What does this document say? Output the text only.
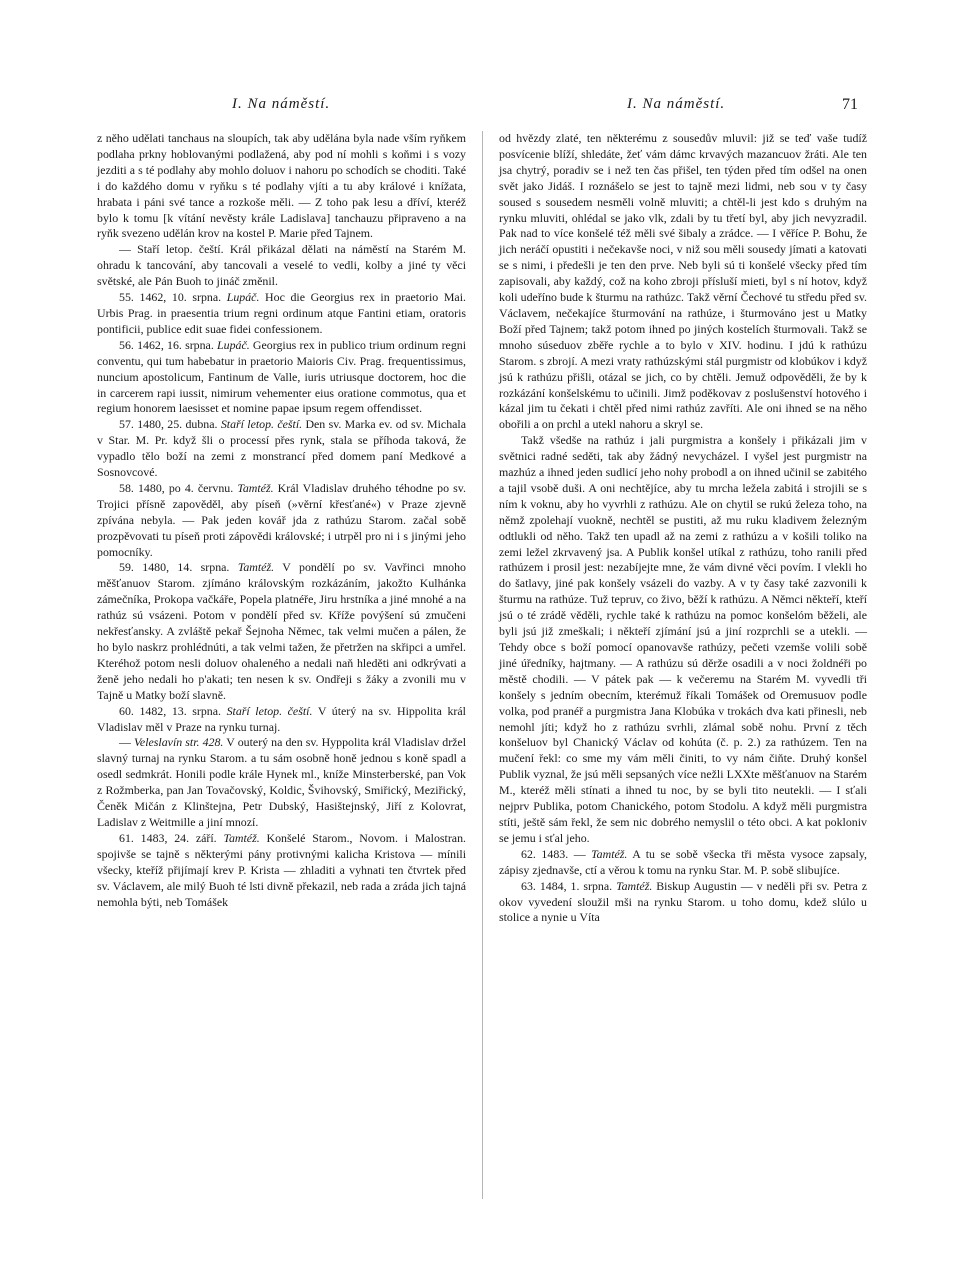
I. Na náměstí.	I. Na náměstí.	71

z něho udělati tanchaus na sloupích, tak aby udělána byla nade vším ryňkem podlaha prkny hoblovanými podlažená, aby pod ní mohli s koňmi i s vozy jezditi a s té podlahy aby mohlo doluov i nahoru po schodích se choditi. Také i do každého domu v ryňku s té podlahy vjíti a tu aby králové i knížata, hrabata i páni své tance a rozkoše měli. — Z toho pak lesu a dříví, kteréž bylo k tomu [k vítání nevěsty krále Ladislava] tanchauzu připraveno a na ryňk svezeno udělán krov na kostel P. Marie před Tajnem.

— Staří letop. čeští. Král přikázal dělati na náměstí na Starém M. ohradu k tancování, aby tancovali a veselé to vedli, kolby a jiné ty věci světské, ale Pán Buoh to jináč změnil.

55. 1462, 10. srpna. Lupáč. Hoc die Georgius rex in praetorio Mai. Urbis Prag. in praesentia trium regni ordinum atque Fantini etiam, oratoris pontificii, publice edit suae fidei confessionem.

56. 1462, 16. srpna. Lupáč. Georgius rex in publico trium ordinum regni conventu, qui tum habebatur in praetorio Maioris Civ. Prag. frequentissimus, nuncium apostolicum, Fantinum de Valle, iuris utriusque doctorem, hoc die in carcerem rapi iussit, nimirum vehementer eius oratione commotus, qua et regium honorem laesisset et nomine papae ipsum regem offendisset.

57. 1480, 25. dubna. Staří letop. čeští. Den sv. Marka ev. od sv. Michala v Star. M. Pr. když šli o processí přes rynk, stala se příhoda taková, že vypadlo tělo boží na zemi z monstrancí před domem paní Medkové a Sosnovcové.

58. 1480, po 4. červnu. Tamtéž. Král Vladislav druhého téhodne po sv. Trojici přísně zapověděl, aby píseň (»věrní křesťané«) v Praze zjevně zpívána nebyla. — Pak jeden kovář jda z rathúzu Starom. začal sobě prozpěvovati tu píseň proti zápovědi královské; i utrpěl pro ni i s jinými jeho pomocníky.

59. 1480, 14. srpna. Tamtéž. V pondělí po sv. Vavřinci mnoho měšťanuov Starom. zjímáno královským rozkázáním, jakožto Kulhánka zámečníka, Prokopa vačkáře, Popela platnéře, Jiru hrstníka a jiné mnohé a na rathúz sú vsázeni. Potom v pondělí před sv. Kříže povýšení sú zmučeni nekřesťansky. A zvláště pekař Šejnoha Němec, tak velmi mučen a pálen, že ho bylo naskrz prohlédnúti, a tak velmi tažen, že přetržen na skřipci a umřel. Kteréhož potom nesli doluov ohaleného a nedali naň hleděti ani odkrývati a ženě jeho nedali ho p'akati; ten nesen k sv. Ondřeji s žáky a zvonili mu v Tajně u Matky boží slavně.

60. 1482, 13. srpna. Staří letop. čeští. V úterý na sv. Hippolita král Vladislav měl v Praze na rynku turnaj.

— Veleslavín str. 428. V outerý na den sv. Hyppolita král Vladislav držel slavný turnaj na rynku Starom. a tu sám osobně honě jednou s koně spadl a osedl sedmkrát. Honili podle krále Hynek ml., kníže Minsterberské, pan Vok z Rožmberka, pan Jan Tovačovský, Koldic, Švihovský, Smiřický, Meziřický, Čeněk Mičán z Klinštejna, Petr Dubský, Hasištejnský, Jiří z Kolovrat, Ladislav z Weitmille a jiní mnozí.

61. 1483, 24. září. Tamtéž. Konšelé Starom., Novom. i Malostran. spojivše se tajně s některými pány protivnými kalicha Kristova — mínili všecky, kteříž přijímají krev P. Krista — zhladiti a vyhnati ten čtvrtek před sv. Václavem, ale milý Buoh té lsti divně překazil, neb rada a zráda jich tajná nemohla býti, neb Tomášek

od hvězdy zlaté, ten některému z sousedův mluvil: již se teď vaše tudíž posvícenie blíží, shledáte, žeť vám dámc krvavých mazancuov žráti. Ale ten jsa chytrý, poradiv se i než ten čas přišel, ten týden před tím odšel na onen svět jako Jidáš. I roznášelo se jest to tajně mezi lidmi, neb sou v ty časy soused s sousedem nesměli volně mluviti; a chtěl-li jest kdo s druhým na rynku mluviti, ohlédal se jako vlk, zdali by tu třetí byl, aby jich nevyzradil. Pak nad to více konšelé též měli své šibaly a zrádce. — I věříce P. Bohu, že jich neráčí opustiti i nečekavše noci, v niž sou měli sousedy jímati a katovati se s nimi, i předešli je ten den prve. Neb byli sú ti konšelé všecky před tím zapisovali, aby každý, což na koho zbroji přísluší mieti, byl s ní hotov, když koli udeříno bude k šturmu na rathúzc. Takž věrní Čechové tu středu před sv. Václavem, nečekajíce šturmování na rathúze, i šturmováno jest u Matky Boží před Tajnem; takž potom ihned po jiných kostelích šturmovali. Takž se mnoho súseduov zběře rychle a to bylo v XIV. hodinu. I jdú k rathúzu Starom. s zbrojí. A mezi vraty rathúzskými stál purgmistr od klobúkov i když jsú k rathúzu přišli, otázal se jich, co by chtěli. Jemuž odpověděli, že by k rozkázání konšelskému to učinili. Jimž poděkovav z poslušenství hotového i kázal jim tu čekati i chtěl před nimi rathúz zavříti. Ale oni ihned se na něho obořili a on prchl a utekl nahoru a skryl se.

Takž všedše na rathúz i jali purgmistra a konšely i přikázali jim v světnici radné seděti, tak aby žádný nevycházel. I vyšel jest purgmistr na mazhúz a ihned jeden sudlicí jeho nohy probodl a on ihned učinil se zabitého a tajil vsobě duši. A oni nechtějíce, aby tu mrcha ležela zabitá i strojili se s ním k voknu, aby ho vyvrhli z rathúzu. Ale on chytil se rukú železa toho, na němž zpolehají vuokně, nechtěl se pustiti, až mu ruku kladivem železným odtlukli od něho. Takž ten upadl až na zemi z rathúzu a v košili toliko na zemi ležel zkrvavený jsa. A Publik konšel utíkal z rathúzu, toho ranili před rathúzem i prosil jest: nezabíjejte mne, že vám divné věci povím. I vlekli ho do šatlavy, jiné pak konšely vsázeli do vazby. A v ty časy také zazvonili k šturmu na rathúze. Tuž tepruv, co živo, běží k rathúzu. A Němci někteří, kteří jsú o té zrádě věděli, rychle také k rathúzu na pomoc konšelóm běželi, ale byli jsú již zmeškali; i někteří zjímání jsú a jiní rozprchli se a utekli. — Tehdy obce s boží pomocí opanovavše rathúzy, pečeti vzemše volili sobě jiné úředníky, hajtmany. — A rathúzu sú děrže osadili a v noci žoldnéři po městě chodili. — V pátek pak — k večeremu na Starém M. vyvedli tři konšely s jedním obecním, kterémuž říkali Tomášek od Oremusuov podle volka, pod pranéř a purgmistra Jana Klobúka v trokách dva kati přinesli, neb nemohl jíti; když ho z rathúzu svrhli, zlámal sobě nohu. První z těch konšeluov byl Chanický Václav od kohúta (č. p. 2.) za rathúzem. Ten na mučení řekl: co sme my vám měli činiti, to vy nám čiňte. Druhý konšel Publik vyznal, že jsú měli sepsaných více nežli LXXte měšťanuov na Starém M., kteréž měli stínati a ihned tu noc, by se byli tito neutekli. — I sťali nejprv Publika, potom Chanického, potom Stodolu. A když měli purgmistra stíti, ještě sám řekl, že sem nic dobrého nemyslil o této obci. A kat pokloniv se jemu i sťal jeho.

62. 1483. — Tamtéž. A tu se sobě všecka tři města vysoce zapsaly, zápisy zjednavše, ctí a věrou k tomu na rynku Star. M. P. sobě slibujíce.

63. 1484, 1. srpna. Tamtéž. Biskup Augustin — v neděli při sv. Petra z okov vyvedení sloužil mši na rynku Starom. u toho domu, kdež slúlo u stolice a nynie u Víta
